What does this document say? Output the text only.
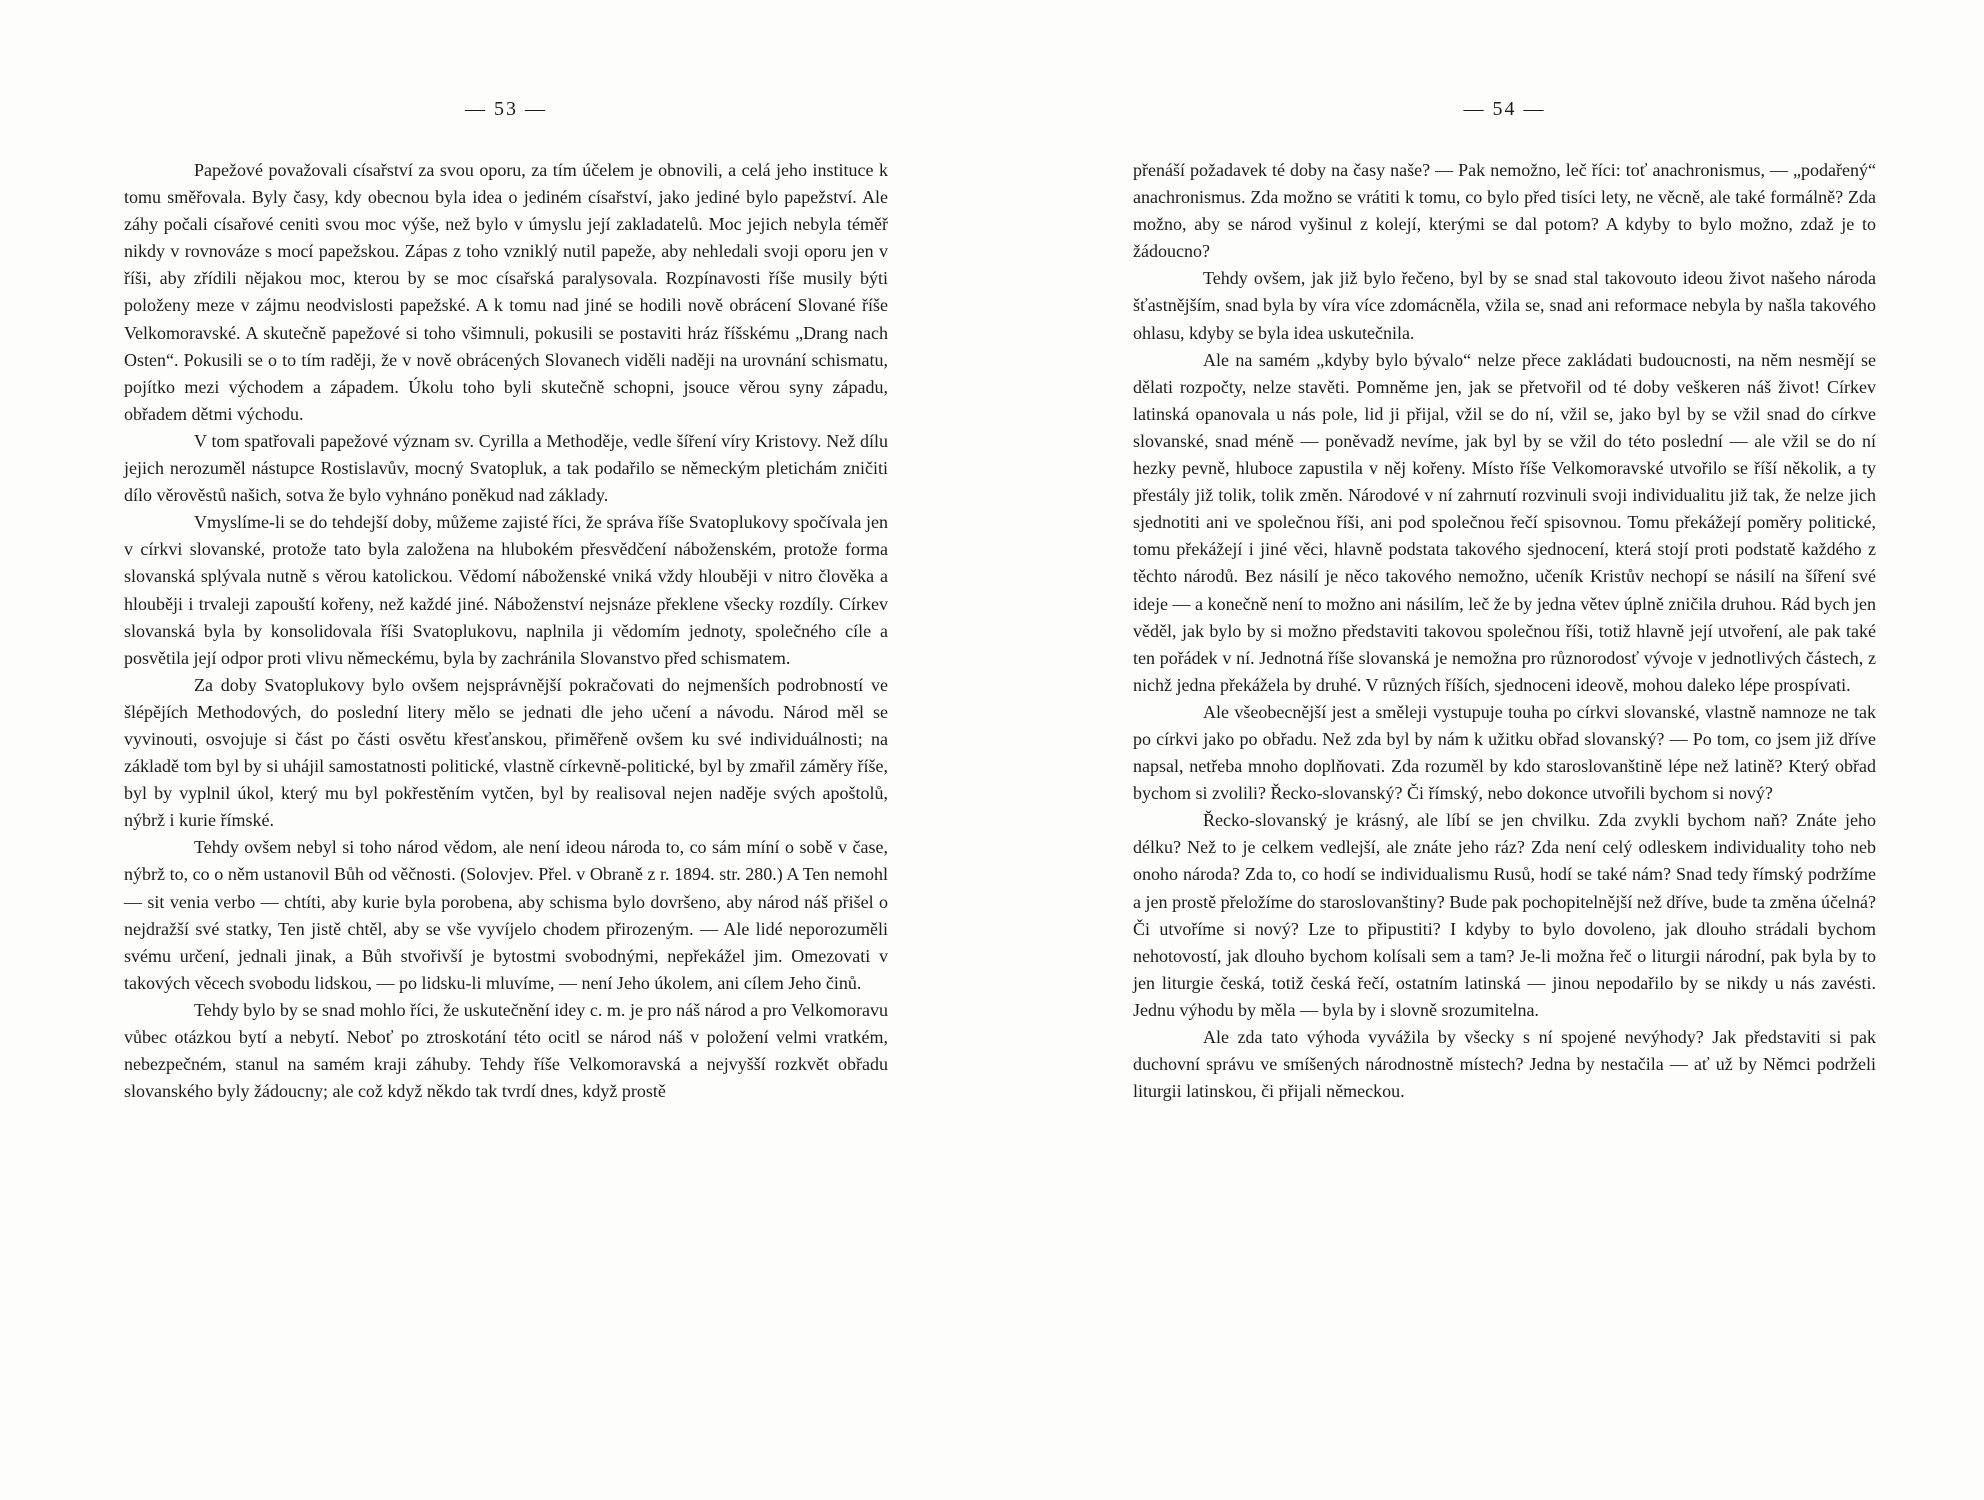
— 53 —

Papežové považovali císařství za svou oporu, za tím účelem je obnovili, a celá jeho instituce k tomu směřovala. Byly časy, kdy obecnou byla idea o jediném císařství, jako jediné bylo papežství. Ale záhy počali císařové ceniti svou moc výše, než bylo v úmyslu její zakladatelů. Moc jejich nebyla téměř nikdy v rovnováze s mocí papežskou. Zápas z toho vzniklý nutil papeže, aby nehledali svoji oporu jen v říši, aby zřídili nějakou moc, kterou by se moc císařská paralysovala. Rozpínavosti říše musily býti položeny meze v zájmu neodvislosti papežské. A k tomu nad jiné se hodili nově obrácení Slované říše Velkomoravské. A skutečně papežové si toho všimnuli, pokusili se postaviti hráz říšskému „Drang nach Osten“. Pokusili se o to tím raději, že v nově obrácených Slovanech viděli naději na urovnání schismatu, pojítko mezi východem a západem. Úkolu toho byli skutečně schopni, jsouce věrou syny západu, obřadem dětmi východu.

V tom spatřovali papežové význam sv. Cyrilla a Methoděje, vedle šíření víry Kristovy. Než dílu jejich nerozuměl nástupce Rostislavův, mocný Svatopluk, a tak podařilo se německým pletichám zničiti dílo věrověstů našich, sotva že bylo vyhnáno poněkud nad základy.

Vmyslíme-li se do tehdejší doby, můžeme zajisté říci, že správa říše Svatoplukovy spočívala jen v církvi slovanské, protože tato byla založena na hlubokém přesvědčení náboženském, protože forma slovanská splývala nutně s věrou katolickou. Vědomí náboženské vniká vždy hlouběji v nitro člověka a hlouběji i trvaleji zapouští kořeny, než každé jiné. Náboženství nejsnáze překlene všecky rozdíly. Církev slovanská byla by konsolidovala říši Svatoplukovu, naplnila ji vědomím jednoty, společného cíle a posvětila její odpor proti vlivu německému, byla by zachránila Slovanstvo před schismatem.

Za doby Svatoplukovy bylo ovšem nejsprávnější pokračovati do nejmenších podrobností ve šlépějích Methodových, do poslední litery mělo se jednati dle jeho učení a návodu. Národ měl se vyvinouti, osvojuje si část po části osvětu křesťanskou, přiměřeně ovšem ku své individuálnosti; na základě tom byl by si uhájil samostatnosti politické, vlastně církevně-politické, byl by zmařil záměry říše, byl by vyplnil úkol, který mu byl pokřestěním vytčen, byl by realisoval nejen naděje svých apoštolů, nýbrž i kurie římské.

Tehdy ovšem nebyl si toho národ vědom, ale není ideou národa to, co sám míní o sobě v čase, nýbrž to, co o něm ustanovil Bůh od věčnosti. (Solovjev. Přel. v Obraně z r. 1894. str. 280.) A Ten nemohl — sit venia verbo — chtíti, aby kurie byla porobena, aby schisma bylo dovršeno, aby národ náš přišel o nejdražší své statky, Ten jistě chtěl, aby se vše vyvíjelo chodem přirozeným. — Ale lidé neporozuměli svému určení, jednali jinak, a Bůh stvořivší je bytostmi svobodnými, nepřekážel jim. Omezovati v takových věcech svobodu lidskou, — po lidsku-li mluvíme, — není Jeho úkolem, ani cílem Jeho činů.

Tehdy bylo by se snad mohlo říci, že uskutečnění idey c. m. je pro náš národ a pro Velkomoravu vůbec otázkou bytí a nebytí. Neboť po ztroskotání této ocitl se národ náš v položení velmi vratkém, nebezpečném, stanul na samém kraji záhuby. Tehdy říše Velkomoravská a nejvyšší rozkvět obřadu slovanského byly žádoucny; ale což když někdo tak tvrdí dnes, když prostě

— 54 —

přenáší požadavek té doby na časy naše? — Pak nemožno, leč říci: toť anachronismus, — „podařený“ anachronismus. Zda možno se vrátiti k tomu, co bylo před tisíci lety, ne věcně, ale také formálně? Zda možno, aby se národ vyšinul z kolejí, kterými se dal potom? A kdyby to bylo možno, zdaž je to žádoucno?

Tehdy ovšem, jak již bylo řečeno, byl by se snad stal takovouto ideou život našeho národa šťastnějším, snad byla by víra více zdomácněla, vžila se, snad ani reformace nebyla by našla takového ohlasu, kdyby se byla idea uskutečnila.

Ale na samém „kdyby bylo bývalo“ nelze přece zakládati budoucnosti, na něm nesmějí se dělati rozpočty, nelze stavěti. Pomněme jen, jak se přetvořil od té doby veškeren náš život! Církev latinská opanovala u nás pole, lid ji přijal, vžil se do ní, vžil se, jako byl by se vžil snad do církve slovanské, snad méně — poněvadž nevíme, jak byl by se vžil do této poslední — ale vžil se do ní hezky pevně, hluboce zapustila v něj kořeny. Místo říše Velkomoravské utvořilo se říší několik, a ty přestály již tolik, tolik změn. Národové v ní zahrnutí rozvinuli svoji individualitu již tak, že nelze jich sjednotiti ani ve společnou říši, ani pod společnou řečí spisovnou. Tomu překážejí poměry politické, tomu překážejí i jiné věci, hlavně podstata takového sjednocení, která stojí proti podstatě každého z těchto národů. Bez násilí je něco takového nemožno, učeník Kristův nechopí se násilí na šíření své ideje — a konečně není to možno ani násilím, leč že by jedna větev úplně zničila druhou. Rád bych jen věděl, jak bylo by si možno představiti takovou společnou říši, totiž hlavně její utvoření, ale pak také ten pořádek v ní. Jednotná říše slovanská je nemožna pro různorodosť vývoje v jednotlivých částech, z nichž jedna překážela by druhé. V různých říších, sjednoceni ideově, mohou daleko lépe prospívati.

Ale všeobecnější jest a směleji vystupuje touha po církvi slovanské, vlastně namnoze ne tak po církvi jako po obřadu. Než zda byl by nám k užitku obřad slovanský? — Po tom, co jsem již dříve napsal, netřeba mnoho doplňovati. Zda rozuměl by kdo staroslovanštině lépe než latině? Který obřad bychom si zvolili? Řecko-slovanský? Či římský, nebo dokonce utvořili bychom si nový?

Řecko-slovanský je krásný, ale líbí se jen chvilku. Zda zvykli bychom naň? Znáte jeho délku? Než to je celkem vedlejší, ale znáte jeho ráz? Zda není celý odleskem individuality toho neb onoho národa? Zda to, co hodí se individualismu Rusů, hodí se také nám? Snad tedy římský podržíme a jen prostě přeložíme do staroslovanštiny? Bude pak pochopitelnější než dříve, bude ta změna účelná? Či utvoříme si nový? Lze to připustiti? I kdyby to bylo dovoleno, jak dlouho strádali bychom nehotovostí, jak dlouho bychom kolísali sem a tam? Je-li možna řeč o liturgii národní, pak byla by to jen liturgie česká, totiž česká řečí, ostatním latinská — jinou nepodařilo by se nikdy u nás zavésti. Jednu výhodu by měla — byla by i slovně srozumitelna.

Ale zda tato výhoda vyvážila by všecky s ní spojené nevýhody? Jak představiti si pak duchovní správu ve smíšených národnostně místech? Jedna by nestačila — ať už by Němci podrželi liturgii latinskou, či přijali německou.
